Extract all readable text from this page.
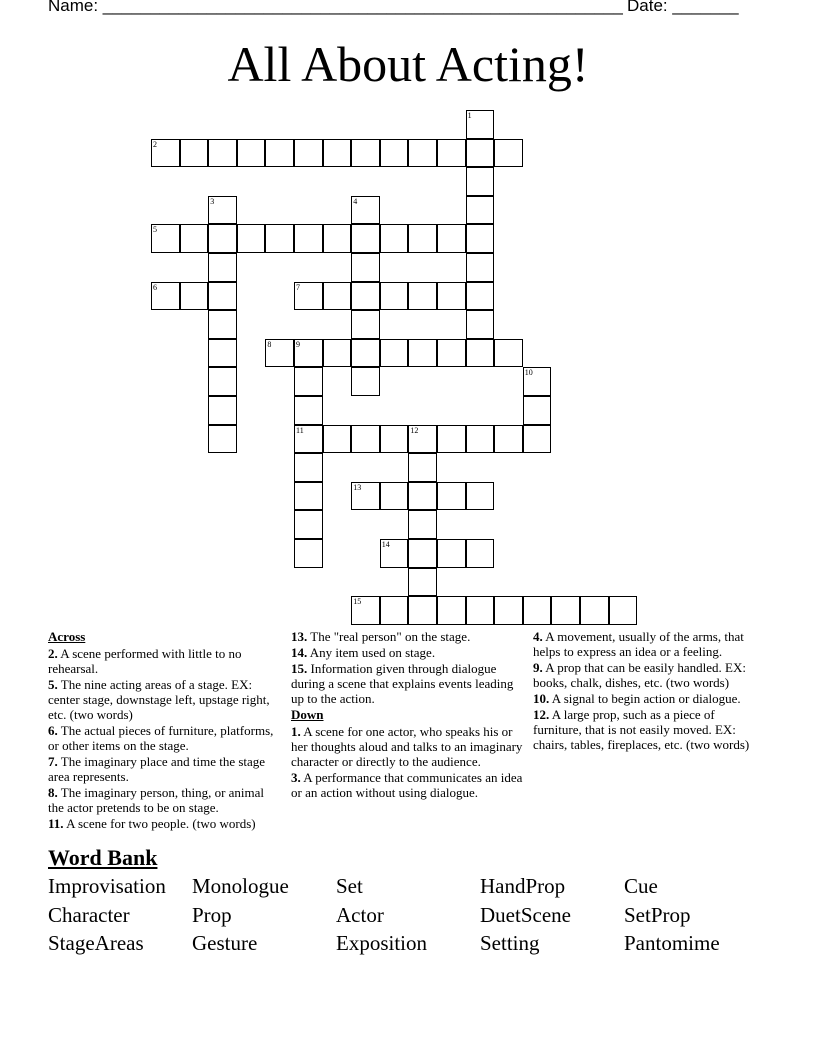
Name: _______________________________________________________ Date: _______
All About Acting!
1
2
3	4
5
6	7
8	9
11
10
12
13
14
15
Across
2. A scene performed with little to no rehearsal.
5. The nine acting areas of a stage. EX: center stage, downstage left, upstage right, etc. (two words)
6. The actual pieces of furniture, platforms, or other items on the stage.
7. The imaginary place and time the stage area represents.
8. The imaginary person, thing, or animal the actor pretends to be on stage.
11. A scene for two people. (two words)
13. The "real person" on the stage.
14. Any item used on stage.
15. Information given through dialogue during a scene that explains events leading up to the action.
Down
1. A scene for one actor, who speaks his or her thoughts aloud and talks to an imaginary character or directly to the audience.
3. A performance that communicates an idea or an action without using dialogue.
4. A movement, usually of the arms, that helps to express an idea or a feeling.
9. A prop that can be easily handled. EX: books, chalk, dishes, etc. (two words)
10. A signal to begin action or dialogue.
12. A large prop, such as a piece of furniture, that is not easily moved. EX: chairs, tables, fireplaces, etc. (two words)
Word Bank
Improvisation Monologue Set	HandProp	Cue
Character	Prop	Actor	DuetScene	SetProp
StageAreas Gesture	Exposition	Setting	Pantomime
